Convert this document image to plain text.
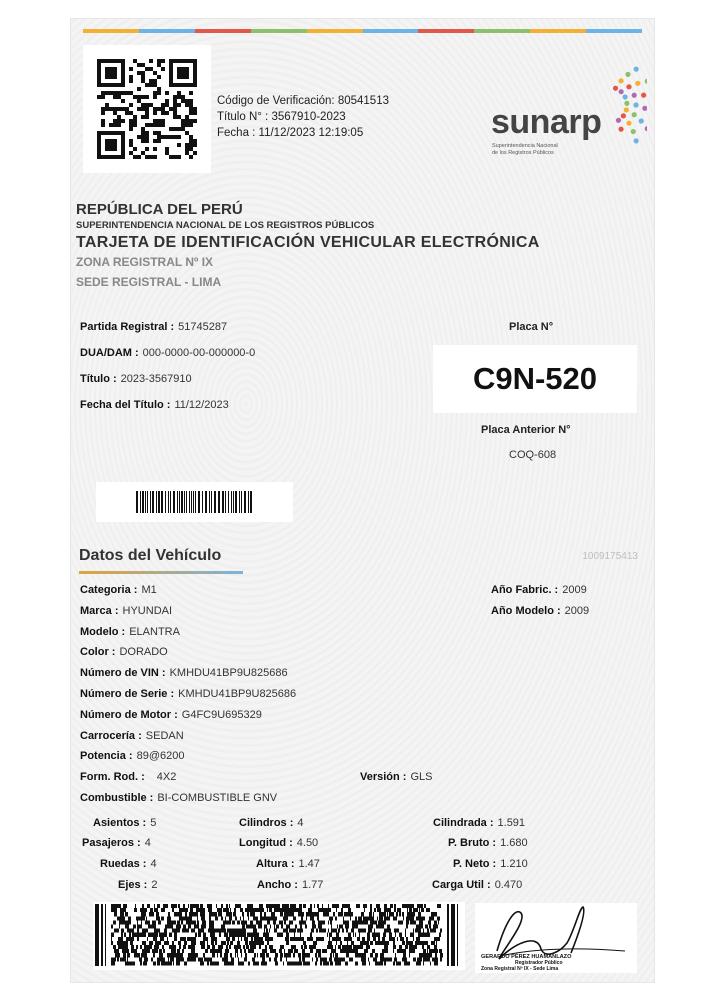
Código de Verificación: 80541513
Título N° : 3567910-2023
Fecha : 11/12/2023 12:19:05	sunarp
Superintendencia Nacional
de los Registros Públicos
REPÚBLICA DEL PERÚ
SUPERINTENDENCIA NACIONAL DE LOS REGISTROS PÚBLICOS
TARJETA DE IDENTIFICACIÓN VEHICULAR ELECTRÓNICA
ZONA REGISTRAL Nº IX
SEDE REGISTRAL - LIMA
Partida Registral : 51745287
DUA/DAM : 000-0000-00-000000-0
Título : 2023-3567910
Fecha del Título : 11/12/2023
Placa N°
C9N-520
Placa Anterior N°
COQ-608
Datos del Vehículo	1009175413
Categoria : M1
Marca : HYUNDAI
Modelo : ELANTRA
Color : DORADO
Número de VIN : KMHDU41BP9U825686
Número de Serie : KMHDU41BP9U825686
Número de Motor : G4FC9U695329
Carrocería : SEDAN
Potencia : 89@6200
Form. Rod. : 4X2
Combustible : BI-COMBUSTIBLE GNV
Año Fabric. : 2009
Año Modelo : 2009
Versión : GLS
Asientos : 5
Pasajeros : 4
Ruedas : 4
Ejes : 2
Cilindros : 4
Longitud : 4.50
Altura : 1.47
Ancho : 1.77
Cilindrada : 1.591
P. Bruto : 1.680
P. Neto : 1.210
Carga Util : 0.470
GERARDO PÉREZ HUAMANLAZO
Registrador Público
Zona Registral Nº IX - Sede Lima
